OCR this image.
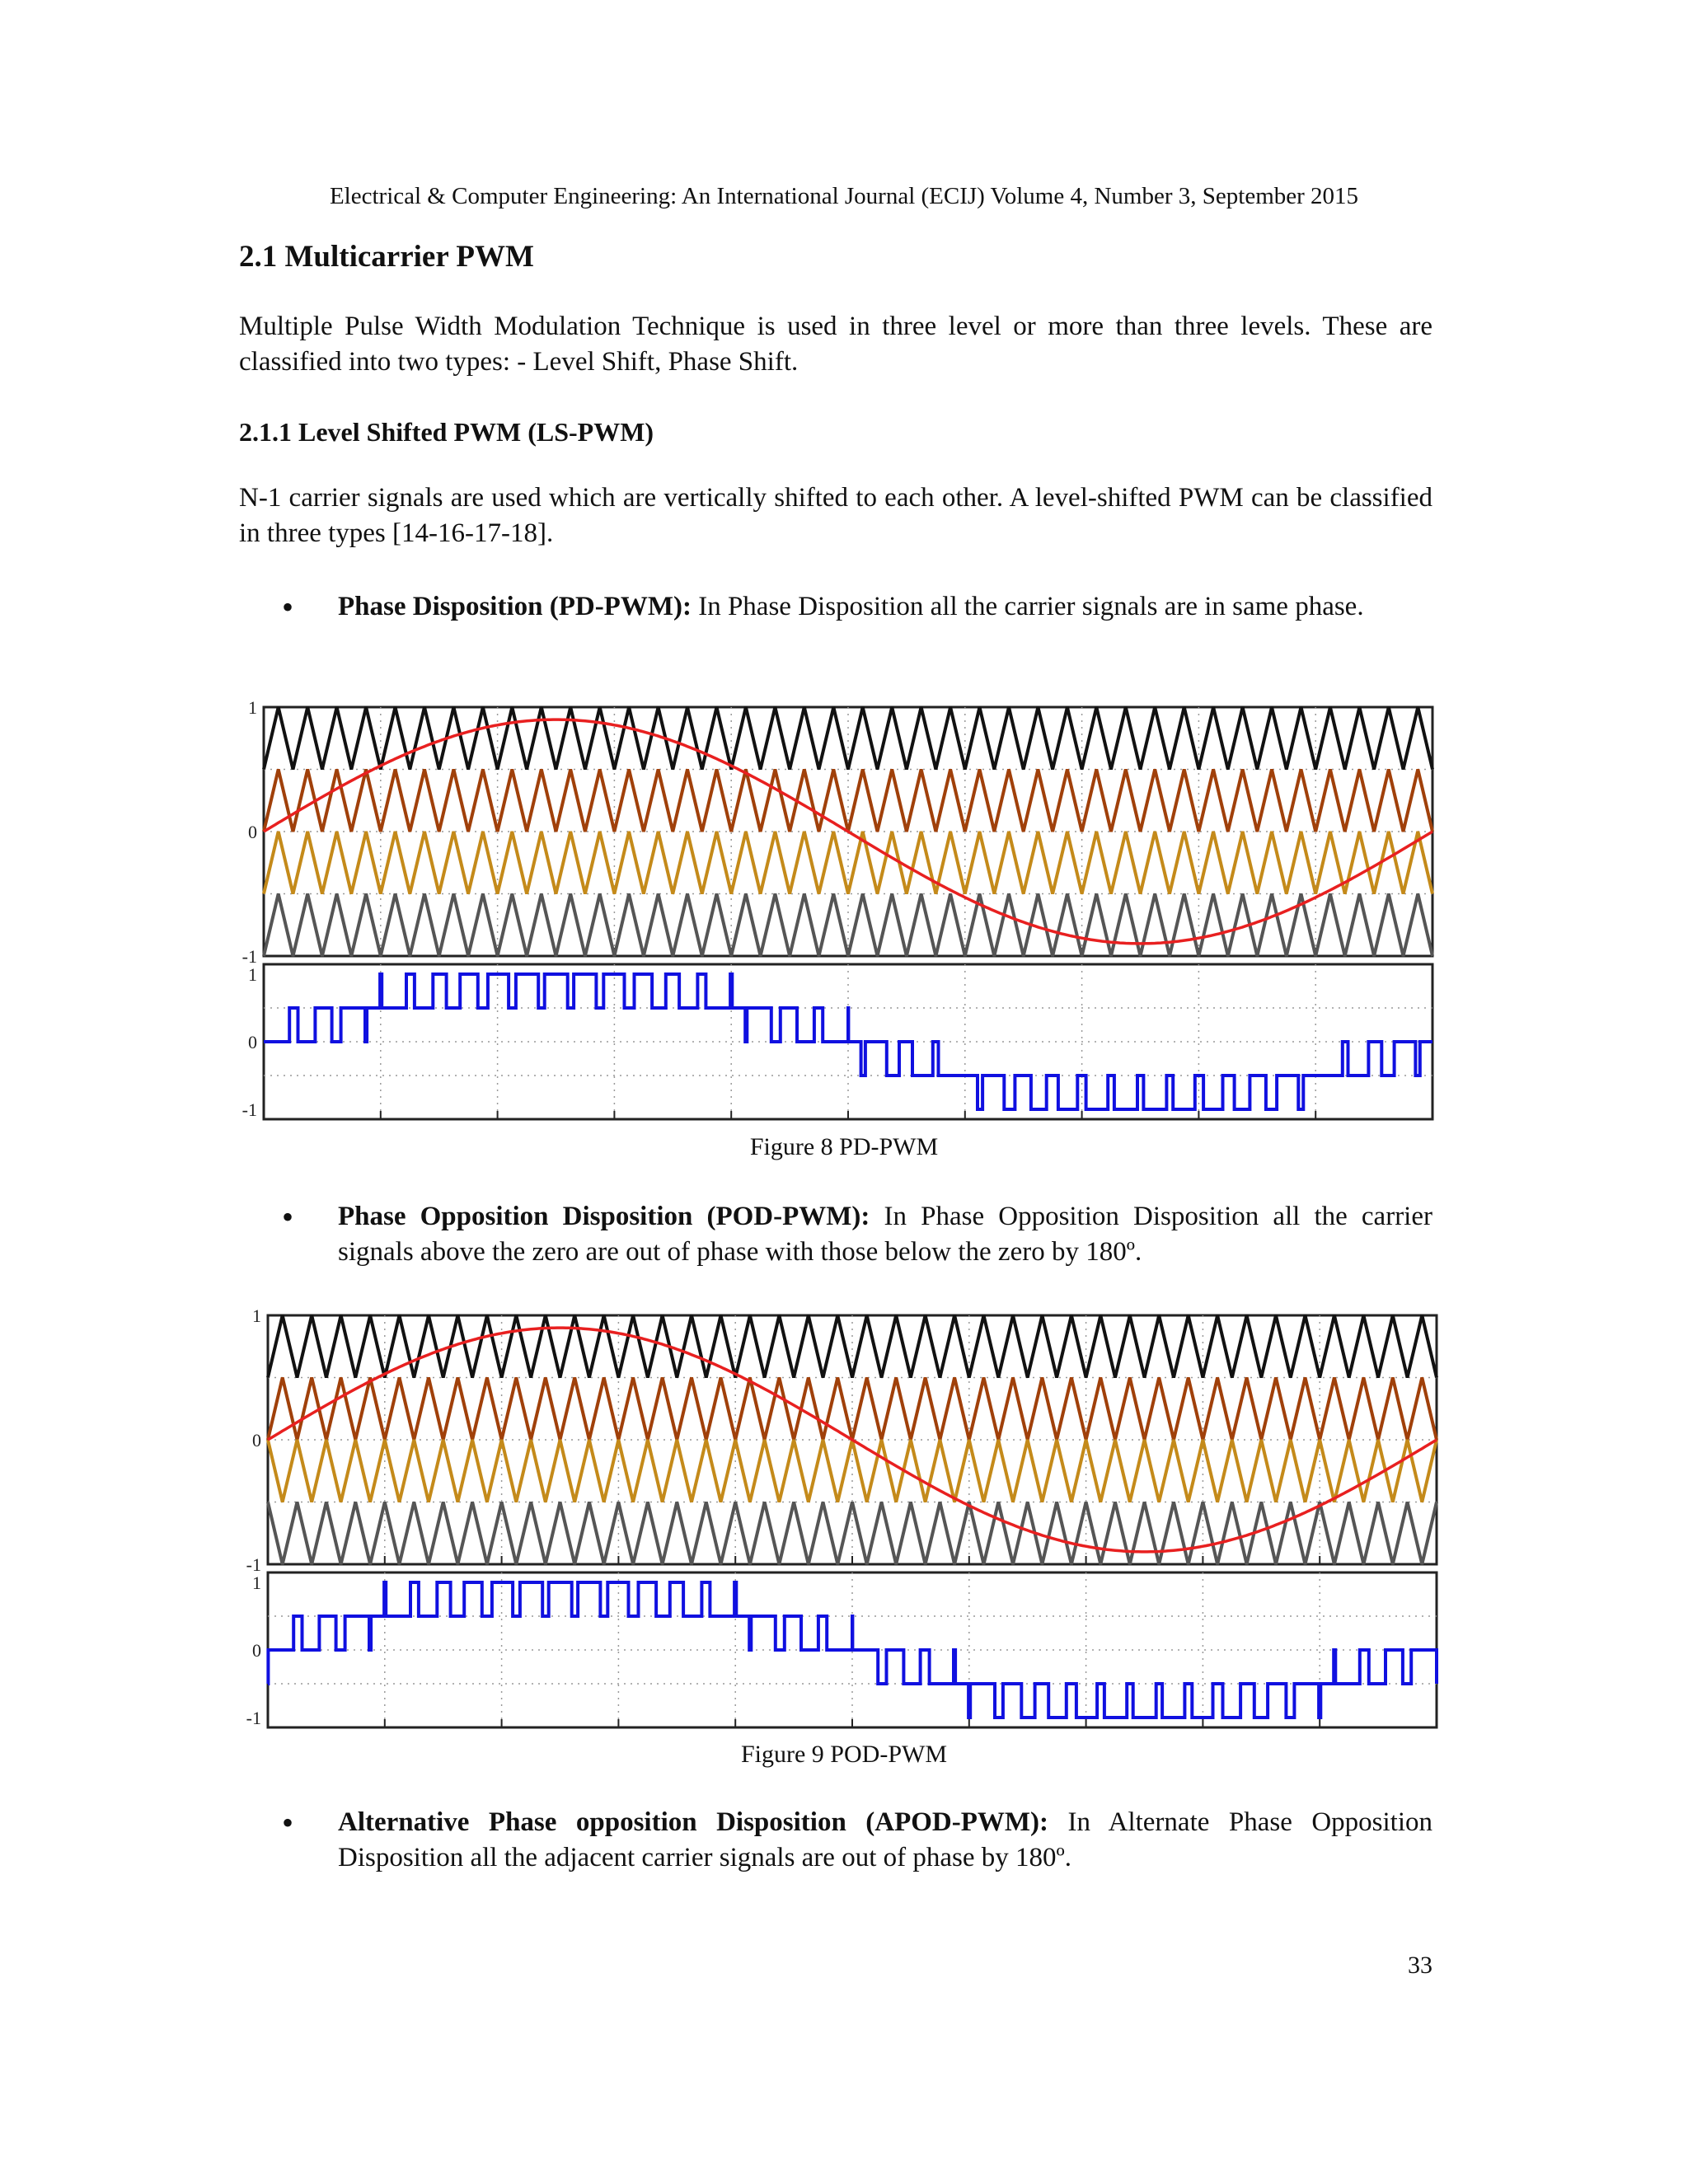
Electrical & Computer Engineering: An International Journal (ECIJ) Volume 4, Number 3, September 2015
2.1 Multicarrier PWM
Multiple Pulse Width Modulation Technique is used in three level or more than three levels. These are classified into two types: - Level Shift, Phase Shift.
2.1.1 Level Shifted PWM (LS-PWM)
N-1 carrier signals are used which are vertically shifted to each other. A level-shifted PWM can be classified in three types [14-16-17-18].
• Phase Disposition (PD-PWM): In Phase Disposition all the carrier signals are in same phase.
1
0
-1
1
0
-1
Figure 8 PD-PWM
• Phase Opposition Disposition (POD-PWM): In Phase Opposition Disposition all the carrier signals above the zero are out of phase with those below the zero by 180º.
1
0
-1
1
0
-1
Figure 9 POD-PWM
• Alternative Phase opposition Disposition (APOD-PWM): In Alternate Phase Opposition Disposition all the adjacent carrier signals are out of phase by 180º.
33
